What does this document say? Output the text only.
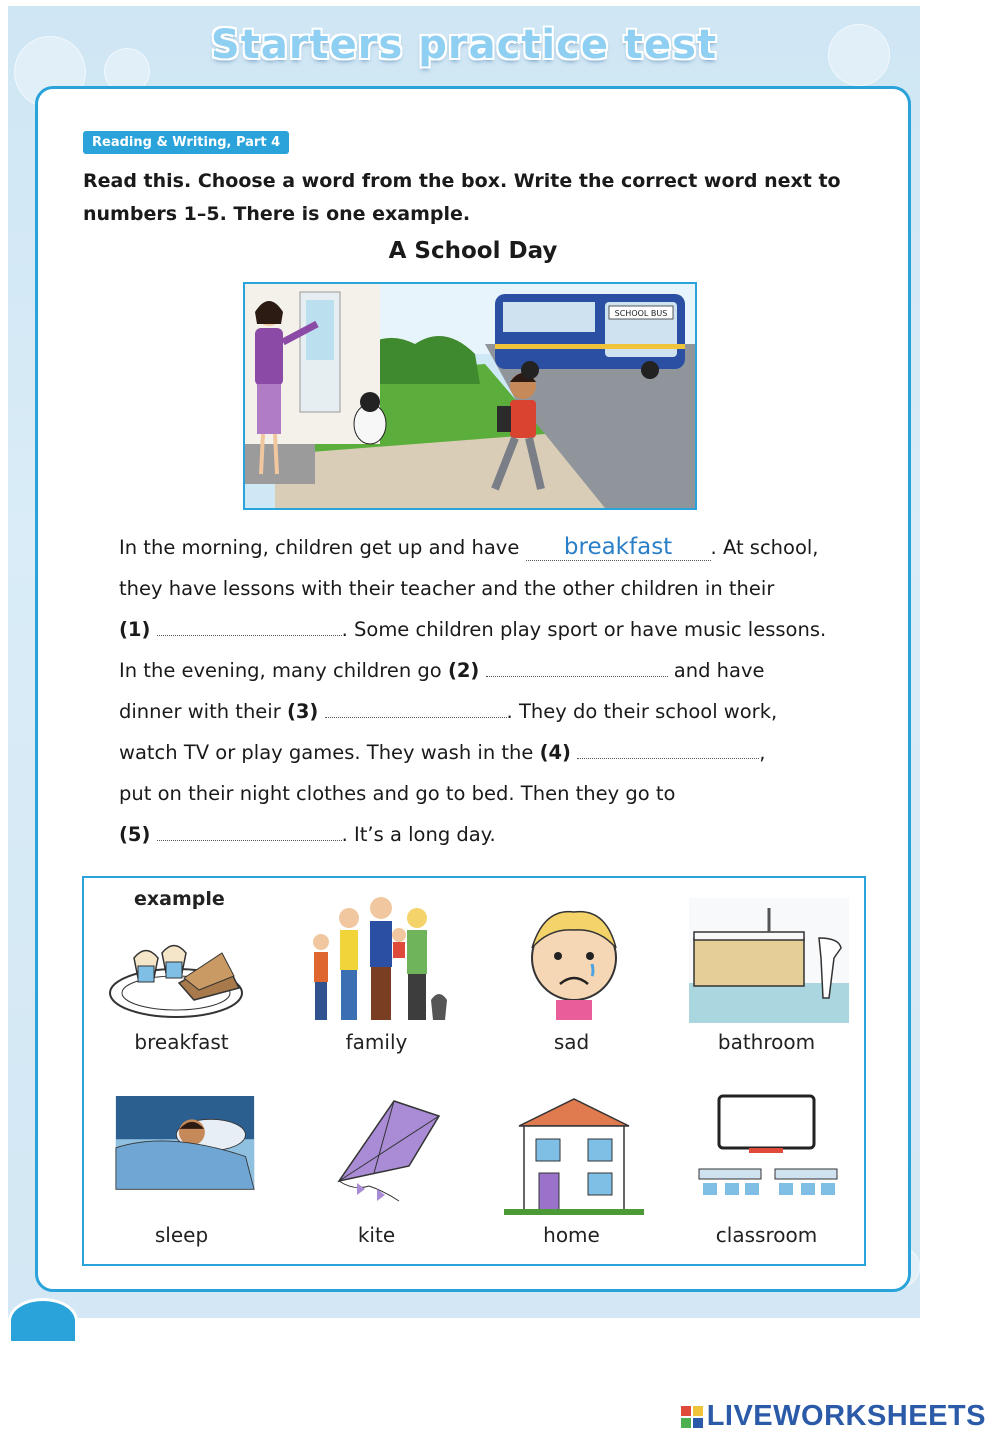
Starters practice test
Reading & Writing, Part 4
Read this. Choose a word from the box. Write the correct word next to numbers 1–5. There is one example.
A School Day
SCHOOL BUS
In the morning, children get up and have breakfast . At school,
they have lessons with their teacher and the other children in their
(1)	. Some children play sport or have music lessons.
In the evening, many children go (2)	and have
dinner with their (3)	. They do their school work,
watch TV or play games. They wash in the (4)	,
put on their night clothes and go to bed. Then they go to
(5)	. It’s a long day.
example
breakfast	family	sad	bathroom
sleep	kite	home	classroom
LIVEWORKSHEETS
